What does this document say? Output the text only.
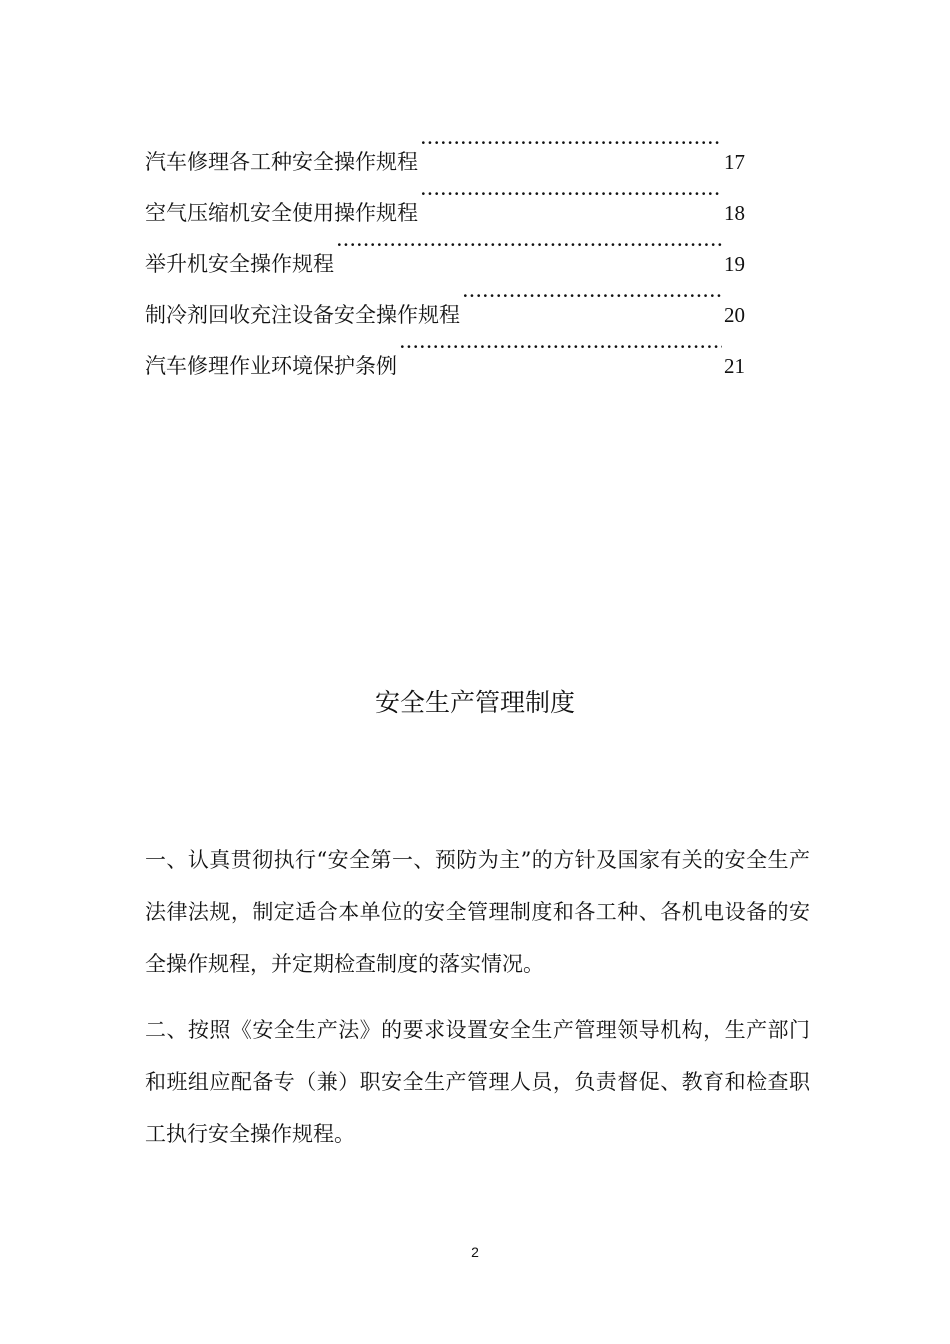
汽车修理各工种安全操作规程 ·····	17
空气压缩机安全使用操作规程 ·····	18
举升机安全操作规程 ·····	19
制冷剂回收充注设备安全操作规程 ·····	20
汽车修理作业环境保护条例 ·····	21
安全生产管理制度

一、认真贯彻执行“安全第一、预防为主”的方针及国家有关的安全生产法律法规，制定适合本单位的安全管理制度和各工种、各机电设备的安全操作规程，并定期检查制度的落实情况。

二、按照《安全生产法》的要求设置安全生产管理领导机构，生产部门和班组应配备专（兼）职安全生产管理人员，负责督促、教育和检查职工执行安全操作规程。

2
